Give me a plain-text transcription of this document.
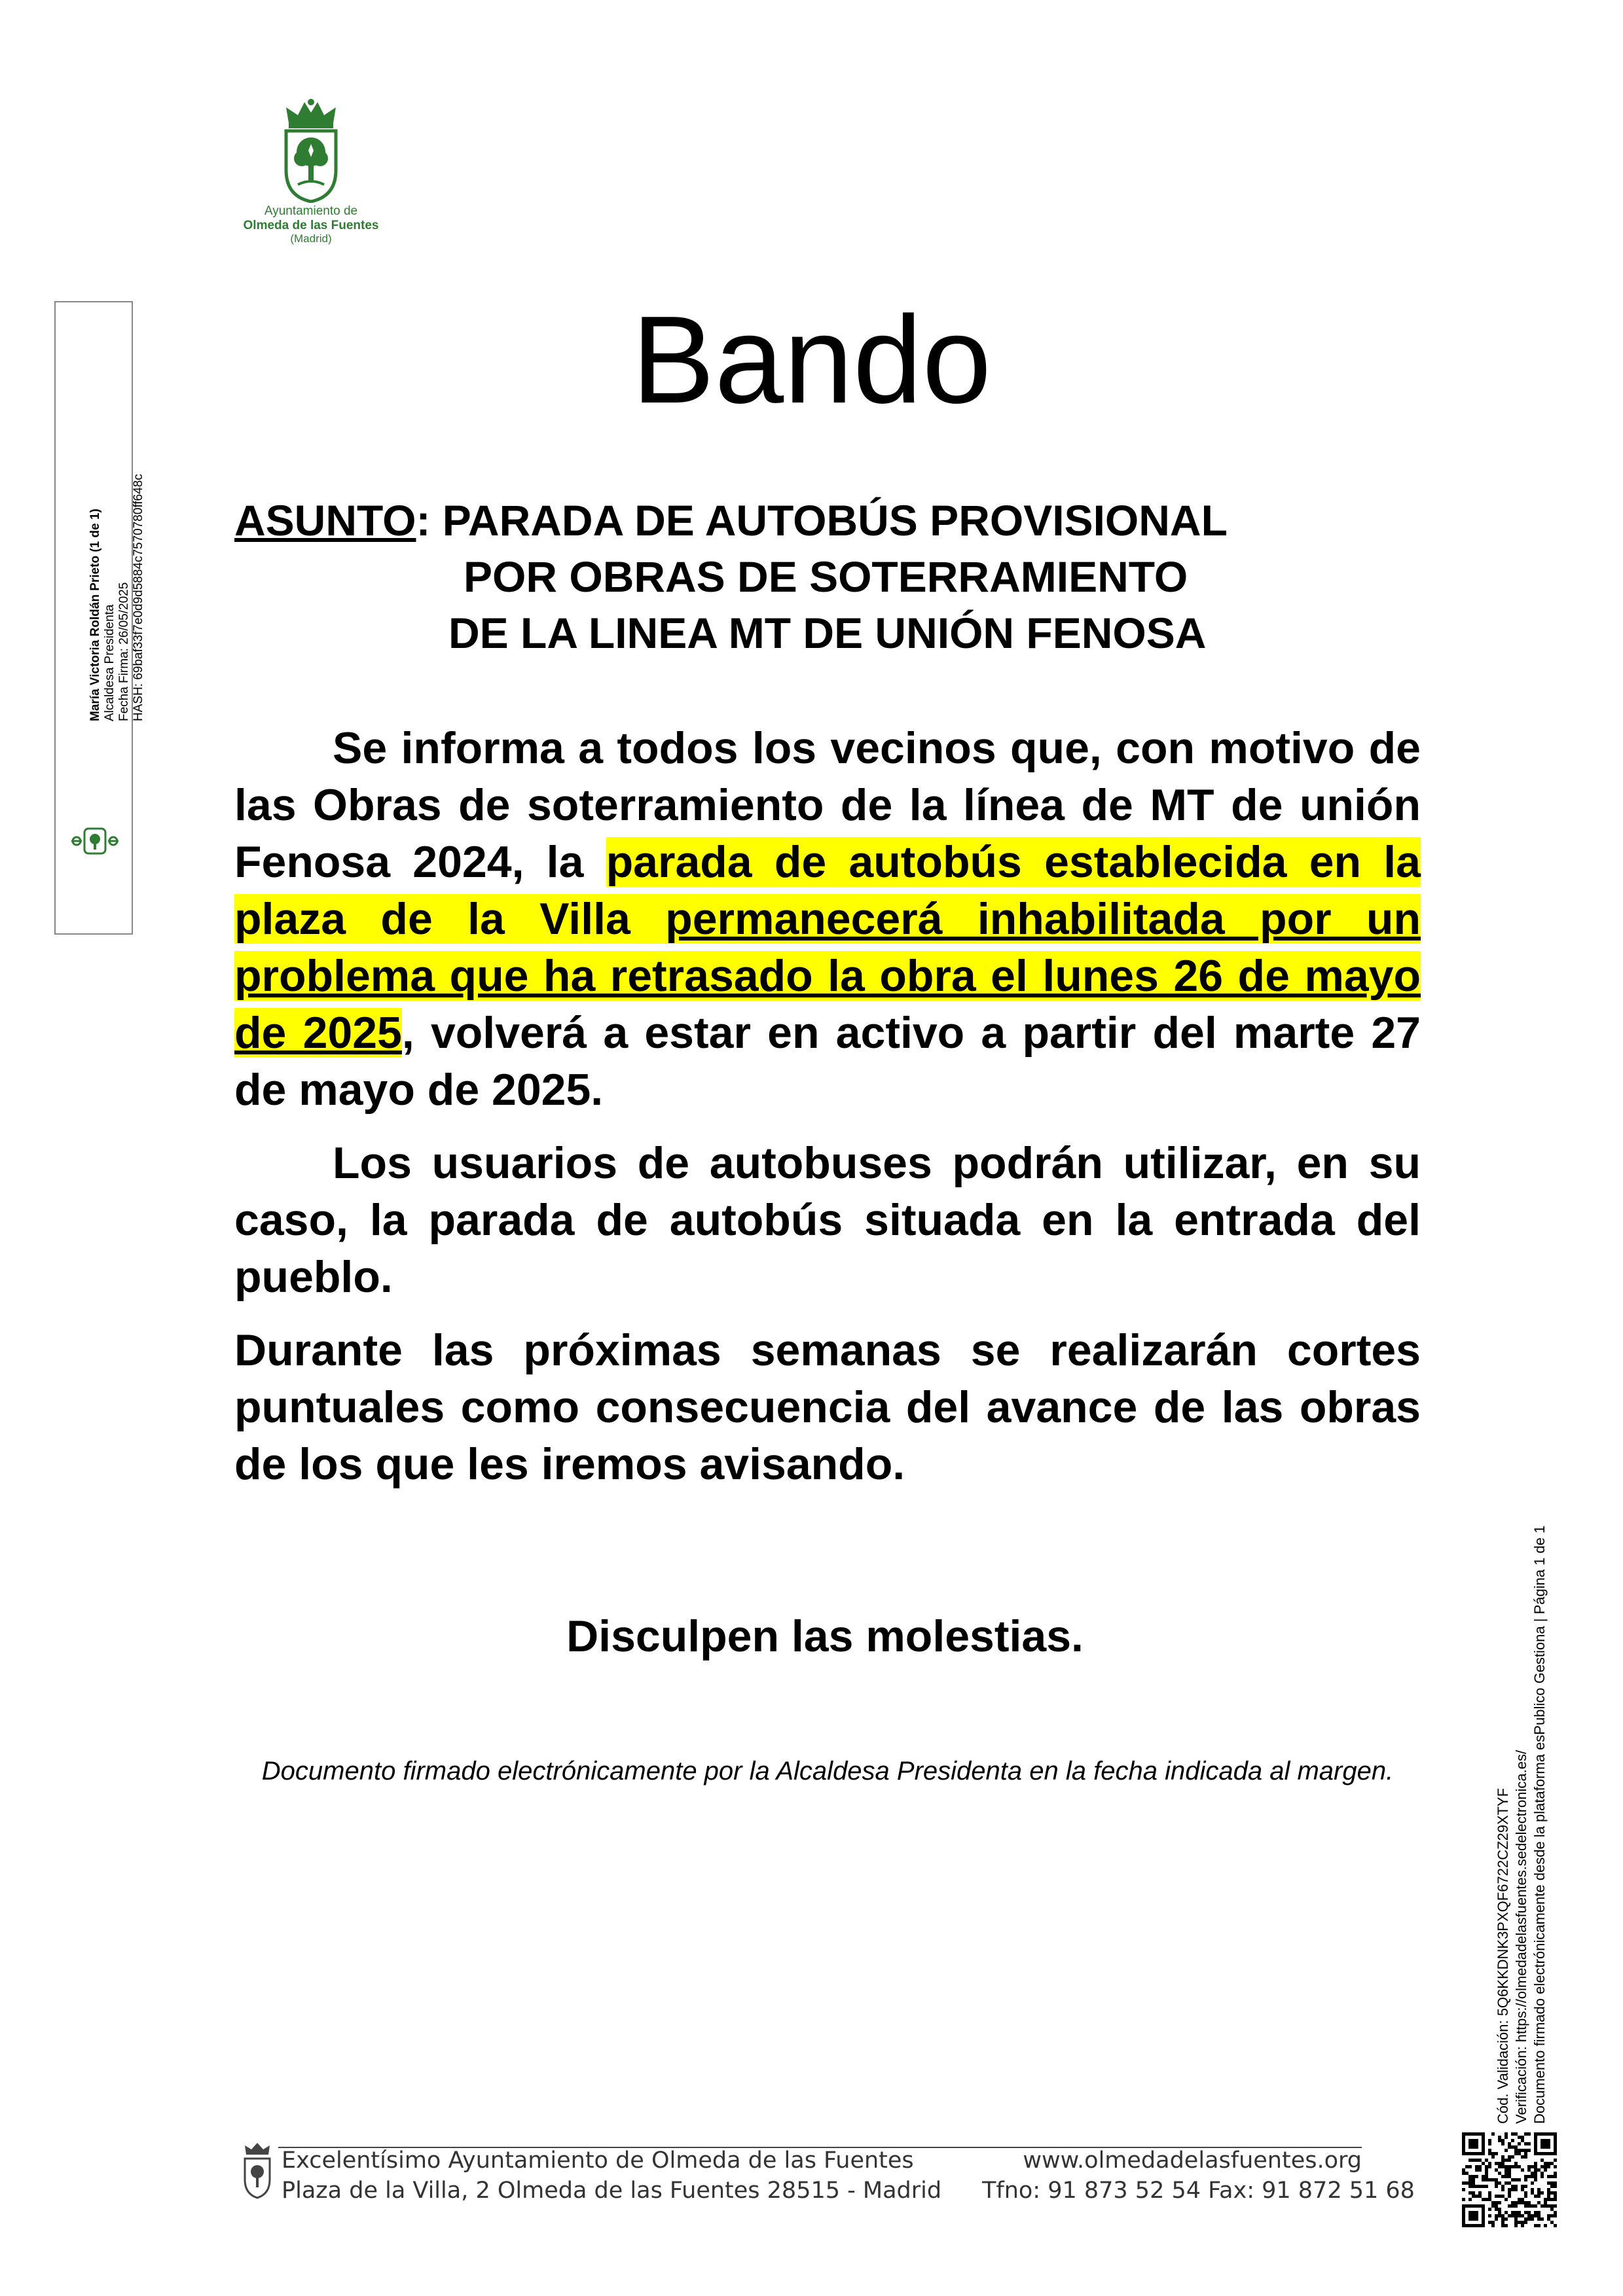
Ayuntamiento de
Olmeda de las Fuentes
(Madrid)
María Victoria Roldán Prieto (1 de 1) Alcaldesa Presidenta Fecha Firma: 26/05/2025 HASH: 69baf33f7e0d9d5884c7570780ff648c
Bando
ASUNTO: PARADA DE AUTOBÚS PROVISIONAL
POR OBRAS DE SOTERRAMIENTO
DE LA LINEA MT DE UNIÓN FENOSA

Se informa a todos los vecinos que, con motivo de las Obras de soterramiento de la línea de MT de unión Fenosa 2024, la parada de autobús establecida en la plaza de la Villa permanecerá inhabilitada por un problema que ha retrasado la obra el lunes 26 de mayo de 2025, volverá a estar en activo a partir del marte 27 de mayo de 2025.

Los usuarios de autobuses podrán utilizar, en su caso, la parada de autobús situada en la entrada del pueblo.

Durante las próximas semanas se realizarán cortes puntuales como consecuencia del avance de las obras de los que les iremos avisando.

Disculpen las molestias.
Documento firmado electrónicamente por la Alcaldesa Presidenta en la fecha indicada al margen.
Cód. Validación: 5Q6KKDNK3PXQF6722CZ29XTYF Verificación: https://olmedadelasfuentes.sedelectronica.es/ Documento firmado electrónicamente desde la plataforma esPublico Gestiona | Página 1 de 1
Excelentísimo Ayuntamiento de Olmeda de las Fuentes
Plaza de la Villa, 2 Olmeda de las Fuentes 28515 - Madrid
www.olmedadelasfuentes.org
Tfno: 91 873 52 54 Fax: 91 872 51 68
